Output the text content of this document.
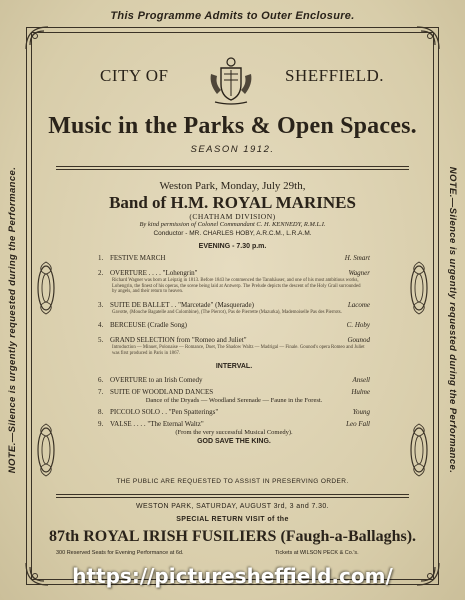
This Programme Admits to Outer Enclosure.
NOTE.—Silence is urgently requested during the Performance.	NOTE.—Silence is urgently requested during the Performance.
CITY OF	SHEFFIELD.
Music in the Parks & Open Spaces.
SEASON 1912.
Weston Park, Monday, July 29th,
Band of H.M. ROYAL MARINES
(CHATHAM DIVISION)
By kind permission of Colonel Commandant C. H. KENNEDY, R.M.L.I.
Conductor - MR. CHARLES HOBY, A.R.C.M., L.R.A.M.
EVENING - 7.30 p.m.
1. FESTIVE MARCH	H. Smart
2. OVERTURE . . . . "Lohengrin"	Wagner
Richard Wagner was born at Leipzig in 1813. Before 1843 he commenced the Tannhäuser, and one of his most ambitious works, Lohengrin, the finest of his operas, the scene being laid at Antwerp. The Prelude depicts the descent of the Holy Grail surrounded by angels, and their return to heaven.
3. SUITE DE BALLET . . "Marcetade" (Masquerade)	Lacome
Gavotte, (Mouche Bagatelle and Colombine), (The Pierrot), Pas de Pierrette (Mazurka), Mademoiselle Pas des Pierrots.
4. BERCEUSE (Cradle Song)	C. Hoby
5. GRAND SELECTION from "Romeo and Juliet"	Gounod
Introduction — Minuet, Polonaise — Romance, Duet, The Shadow Waltz — Madrigal — Finale. Gounod's opera Romeo and Juliet was first produced in Paris in 1867.
INTERVAL.
6. OVERTURE to an Irish Comedy	Ansell
7. SUITE OF WOODLAND DANCES	Hulme
Dance of the Dryads — Woodland Serenade — Faune in the Forest.
8. PICCOLO SOLO . . "Pen Spatterings"	Young
9. VALSE . . . . "The Eternal Waltz"	Leo Fall
(From the very successful Musical Comedy).
GOD SAVE THE KING.
THE PUBLIC ARE REQUESTED TO ASSIST IN PRESERVING ORDER.
WESTON PARK, SATURDAY, AUGUST 3rd, 3 and 7.30.
SPECIAL RETURN VISIT of the
87th ROYAL IRISH FUSILIERS (Faugh-a-Ballaghs).
300 Reserved Seats for Evening Performance at 6d.	Tickets at WILSON PECK & Co.'s.
https://picturesheffield.com/
